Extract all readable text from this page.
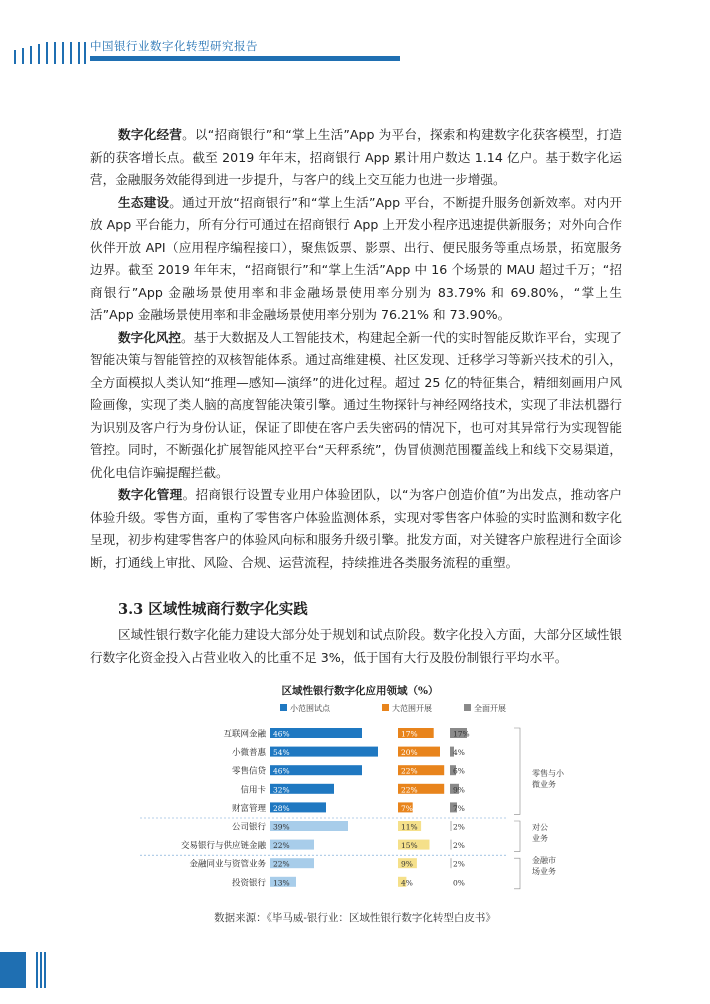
中国银行业数字化转型研究报告

数字化经营。以“招商银行”和“掌上生活”App 为平台，探索和构建数字化获客模型，打造新的获客增长点。截至 2019 年年末，招商银行 App 累计用户数达 1.14 亿户。基于数字化运营，金融服务效能得到进一步提升，与客户的线上交互能力也进一步增强。

生态建设。通过开放“招商银行”和“掌上生活”App 平台，不断提升服务创新效率。对内开放 App 平台能力，所有分行可通过在招商银行 App 上开发小程序迅速提供新服务；对外向合作伙伴开放 API（应用程序编程接口），聚焦饭票、影票、出行、便民服务等重点场景，拓宽服务边界。截至 2019 年年末，“招商银行”和“掌上生活”App 中 16 个场景的 MAU 超过千万；“招商银行”App 金融场景使用率和非金融场景使用率分别为 83.79% 和 69.80%，“掌上生活”App 金融场景使用率和非金融场景使用率分别为 76.21% 和 73.90%。

数字化风控。基于大数据及人工智能技术，构建起全新一代的实时智能反欺诈平台，实现了智能决策与智能管控的双核智能体系。通过高维建模、社区发现、迁移学习等新兴技术的引入，全方面模拟人类认知“推理—感知—演绎”的进化过程。超过 25 亿的特征集合，精细刻画用户风险画像，实现了类人脑的高度智能决策引擎。通过生物探针与神经网络技术，实现了非法机器行为识别及客户行为身份认证，保证了即使在客户丢失密码的情况下，也可对其异常行为实现智能管控。同时，不断强化扩展智能风控平台“天秤系统”，伪冒侦测范围覆盖线上和线下交易渠道，优化电信诈骗提醒拦截。

数字化管理。招商银行设置专业用户体验团队，以“为客户创造价值”为出发点，推动客户体验升级。零售方面，重构了零售客户体验监测体系，实现对零售客户体验的实时监测和数字化呈现，初步构建零售客户的体验风向标和服务升级引擎。批发方面，对关键客户旅程进行全面诊断，打通线上审批、风险、合规、运营流程，持续推进各类服务流程的重塑。

3.3 区域性城商行数字化实践
区域性银行数字化能力建设大部分处于规划和试点阶段。数字化投入方面，大部分区域性银行数字化资金投入占营业收入的比重不足 3%，低于国有大行及股份制银行平均水平。
区域性银行数字化应用领域（%）
小范围试点	大范围开展	全面开展
互联网金融 46%	17%	17%
小微普惠 54%	20%	4%
零售信贷 46%	22%	6%
信用卡 32%	22%	9%
财富管理 28%	7%	7%
公司银行 39%	11%	2%
交易银行与供应链金融 22%	15%	2%
金融同业与资管业务 22%	9%	2%
投资银行 13%	4%	0%
零售与小微业务
对公业务
金融市场业务
数据来源：《毕马威-银行业：区域性银行数字化转型白皮书》
8
